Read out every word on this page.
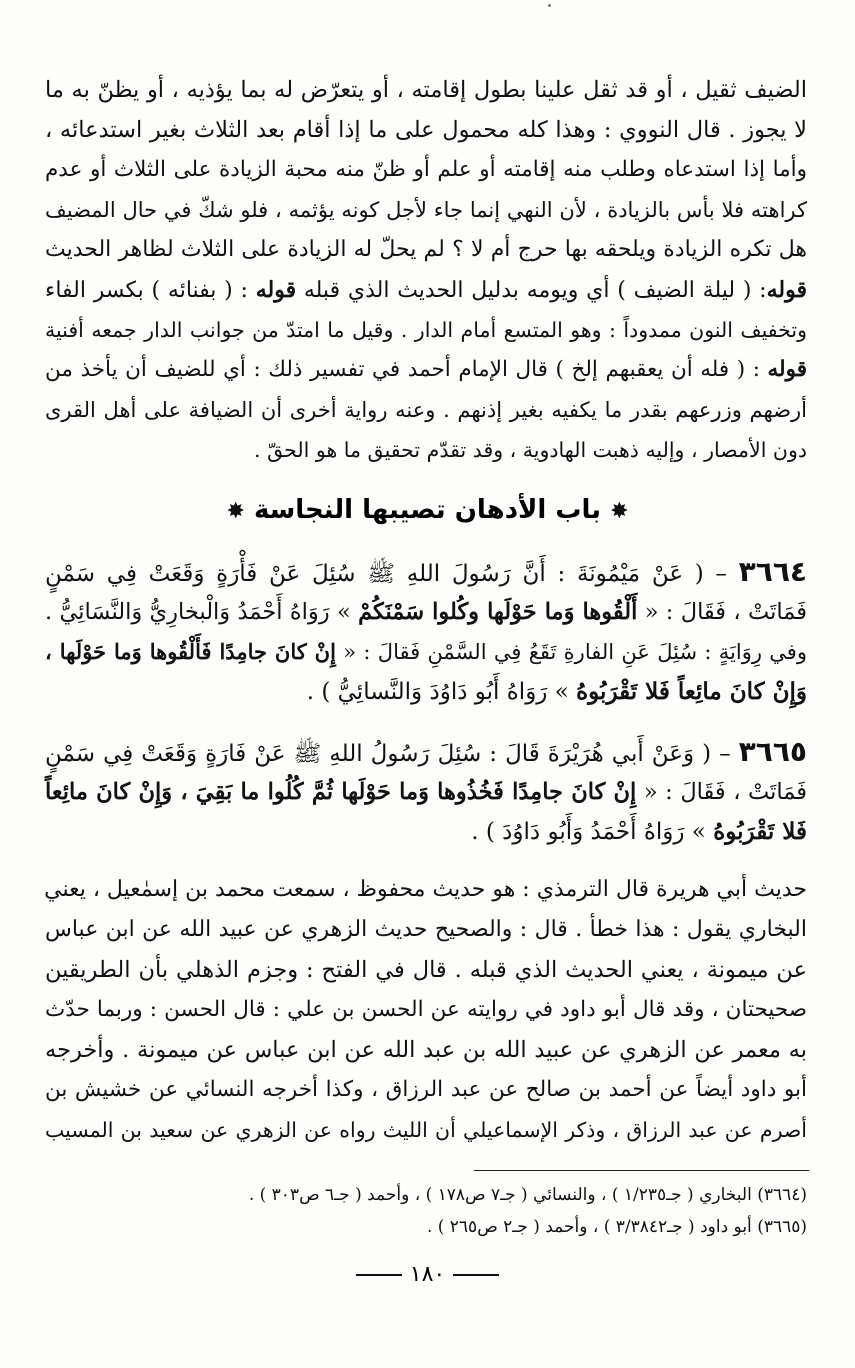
الضيف ثقيل ، أو قد ثقل علينا بطول إقامته ، أو يتعرّض له بما يؤذيه ، أو يظنّ به ما
لا يجوز . قال النووي : وهذا كله محمول على ما إذا أقام بعد الثلاث بغير استدعائه ،
وأما إذا استدعاه وطلب منه إقامته أو علم أو ظنّ منه محبة الزيادة على الثلاث أو عدم
كراهته فلا بأس بالزيادة ، لأن النهي إنما جاء لأجل كونه يؤثمه ، فلو شكّ في حال المضيف
هل تكره الزيادة ويلحقه بها حرج أم لا ؟ لم يحلّ له الزيادة على الثلاث لظاهر الحديث
قوله: ( ليلة الضيف ) أي ويومه بدليل الحديث الذي قبله قوله : ( بفنائه ) بكسر الفاء
وتخفيف النون ممدوداً : وهو المتسع أمام الدار . وقيل ما امتدّ من جوانب الدار جمعه أفنية
قوله : ( فله أن يعقبهم إلخ ) قال الإمام أحمد في تفسير ذلك : أي للضيف أن يأخذ من
أرضهم وزرعهم بقدر ما يكفيه بغير إذنهم . وعنه رواية أخرى أن الضيافة على أهل القرى
دون الأمصار ، وإليه ذهبت الهادوية ، وقد تقدّم تحقيق ما هو الحقّ .
✸ باب الأدهان تصيبها النجاسة ✸
٣٦٦٤ – ( عَنْ مَيْمُونَةَ : أَنَّ رَسُولَ اللهِ ﷺ سُئِلَ عَنْ فَأْرَةٍ وَقَعَتْ فِي سَمْنٍ
فَمَاتَتْ ، فَقَالَ : « أَلْقُوها وَما حَوْلَها وكُلوا سَمْنَكُمْ » رَوَاهُ أَحْمَدُ وَالْبخارِيُّ وَالنَّسَائِيُّ .
وفي رِوَايَةٍ : سُئِلَ عَنِ الفارةِ تَقَعُ فِي السَّمْنِ فَقالَ : « إِنْ كانَ جامِدًا فَأَلْقُوها وَما حَوْلَها ،
وَإِنْ كانَ مائِعاً فَلا تَقْرَبُوهُ » رَوَاهُ أَبُو دَاوُدَ وَالنَّسائِيُّ ) .
٣٦٦٥ – ( وَعَنْ أَبي هُرَيْرَةَ قَالَ : سُئِلَ رَسُولُ اللهِ ﷺ عَنْ فَارَةٍ وَقَعَتْ فِي سَمْنٍ
فَمَاتَتْ ، فَقَالَ : « إِنْ كانَ جامِدًا فَخُذُوها وَما حَوْلَها ثُمَّ كُلُوا ما بَقِيَ ، وَإِنْ كانَ مائِعاً
فَلا تَقْرَبُوهُ » رَوَاهُ أَحْمَدُ وَأَبُو دَاوُدَ ) .
حديث أبي هريرة قال الترمذي : هو حديث محفوظ ، سمعت محمد بن إسمٰعيل ، يعني
البخاري يقول : هذا خطأ . قال : والصحيح حديث الزهري عن عبيد الله عن ابن عباس
عن ميمونة ، يعني الحديث الذي قبله . قال في الفتح : وجزم الذهلي بأن الطريقين
صحيحتان ، وقد قال أبو داود في روايته عن الحسن بن علي : قال الحسن : وربما حدّث
به معمر عن الزهري عن عبيد الله بن عبد الله عن ابن عباس عن ميمونة . وأخرجه
أبو داود أيضاً عن أحمد بن صالح عن عبد الرزاق ، وكذا أخرجه النسائي عن خشيش بن
أصرم عن عبد الرزاق ، وذكر الإسماعيلي أن الليث رواه عن الزهري عن سعيد بن المسيب
(٣٦٦٤) البخاري ( جـ١/٢٣٥ ) ، والنسائي ( جـ٧ ص١٧٨ ) ، وأحمد ( جـ٦ ص٣٠٣ ) .
(٣٦٦٥) أبو داود ( جـ٣/٣٨٤٢ ) ، وأحمد ( جـ٢ ص٢٦٥ ) .
١٨٠
